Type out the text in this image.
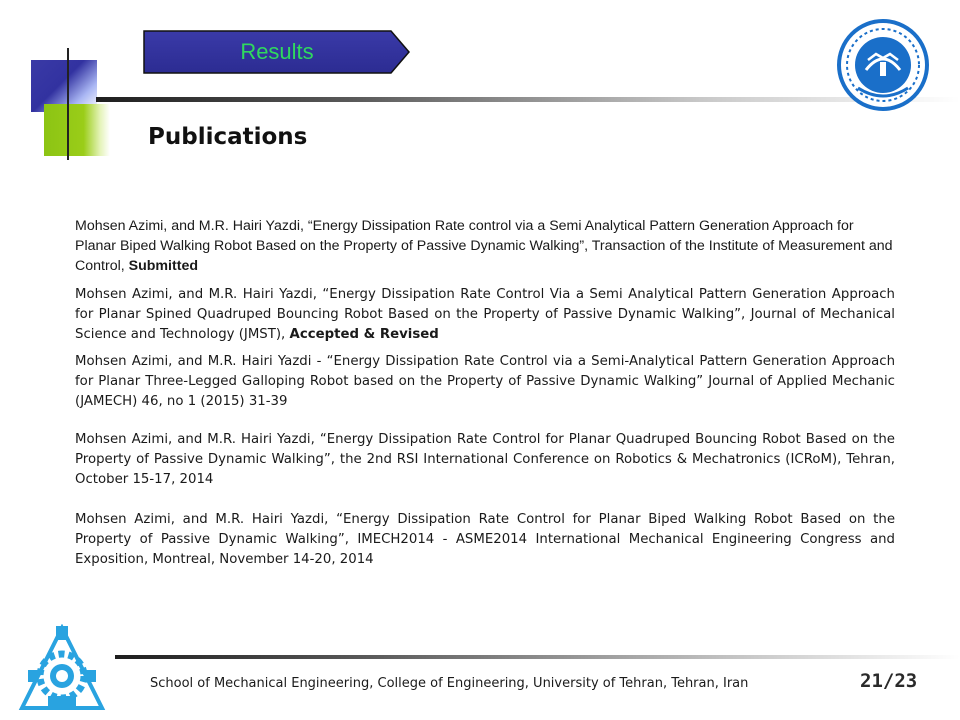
Results
Publications
Mohsen Azimi, and M.R. Hairi Yazdi, “Energy Dissipation Rate control via a Semi Analytical Pattern Generation Approach for Planar Biped Walking Robot Based on the Property of Passive Dynamic Walking”, Transaction of the Institute of Measurement and Control, Submitted
Mohsen Azimi, and M.R. Hairi Yazdi, “Energy Dissipation Rate Control Via a Semi Analytical Pattern Generation Approach for Planar Spined Quadruped Bouncing Robot Based on the Property of Passive Dynamic Walking”, Journal of Mechanical Science and Technology (JMST), Accepted & Revised
Mohsen Azimi, and M.R. Hairi Yazdi - “Energy Dissipation Rate Control via a Semi-Analytical Pattern Generation Approach for Planar Three-Legged Galloping Robot based on the Property of Passive Dynamic Walking” Journal of Applied Mechanic (JAMECH) 46, no 1 (2015) 31-39
Mohsen Azimi, and M.R. Hairi Yazdi, “Energy Dissipation Rate Control for Planar Quadruped Bouncing Robot Based on the Property of Passive Dynamic Walking”, the 2nd RSI International Conference on Robotics & Mechatronics (ICRoM), Tehran, October 15-17, 2014
Mohsen Azimi, and M.R. Hairi Yazdi, “Energy Dissipation Rate Control for Planar Biped Walking Robot Based on the Property of Passive Dynamic Walking”, IMECH2014 - ASME2014 International Mechanical Engineering Congress and Exposition, Montreal, November 14-20, 2014
School of Mechanical Engineering, College of Engineering, University of Tehran, Tehran, Iran	21/23
